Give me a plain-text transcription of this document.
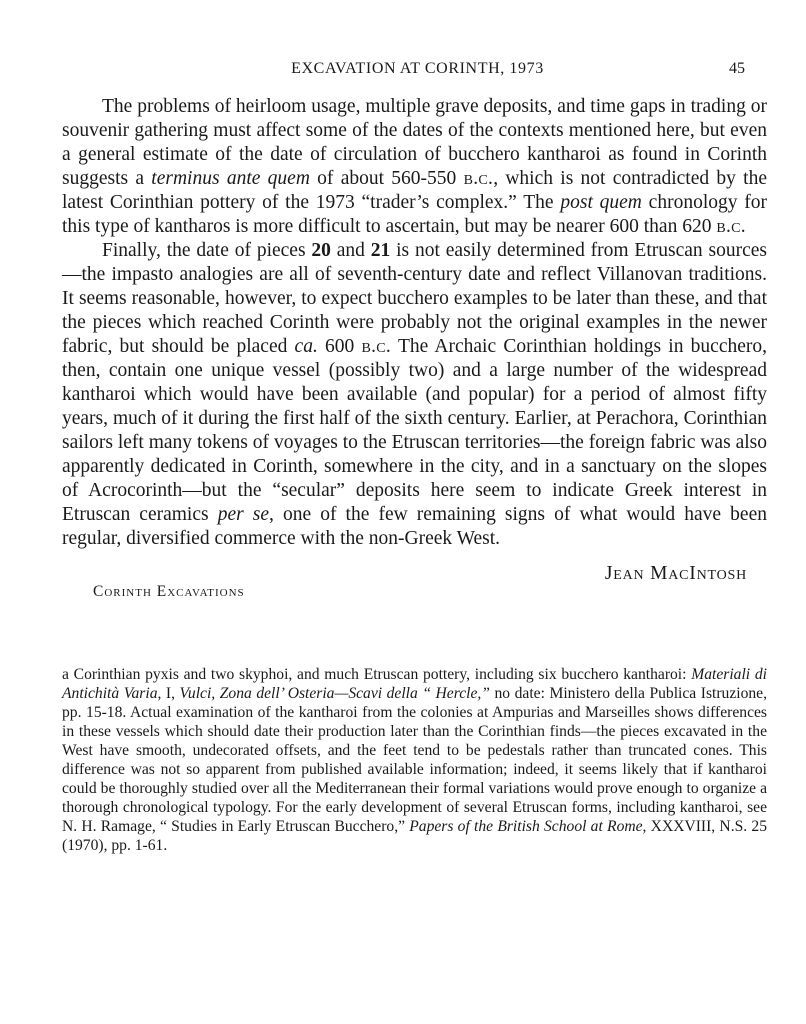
EXCAVATION AT CORINTH, 1973	45

The problems of heirloom usage, multiple grave deposits, and time gaps in trading or souvenir gathering must affect some of the dates of the contexts mentioned here, but even a general estimate of the date of circulation of bucchero kantharoi as found in Corinth suggests a terminus ante quem of about 560-550 b.c., which is not contradicted by the latest Corinthian pottery of the 1973 “trader’s complex.” The post quem chronology for this type of kantharos is more difficult to ascertain, but may be nearer 600 than 620 b.c.

Finally, the date of pieces 20 and 21 is not easily determined from Etruscan sources—the impasto analogies are all of seventh-century date and reflect Villanovan traditions. It seems reasonable, however, to expect bucchero examples to be later than these, and that the pieces which reached Corinth were probably not the original examples in the newer fabric, but should be placed ca. 600 b.c. The Archaic Corinthian holdings in bucchero, then, contain one unique vessel (possibly two) and a large number of the widespread kantharoi which would have been available (and popular) for a period of almost fifty years, much of it during the first half of the sixth century. Earlier, at Perachora, Corinthian sailors left many tokens of voyages to the Etruscan territories—the foreign fabric was also apparently dedicated in Corinth, somewhere in the city, and in a sanctuary on the slopes of Acrocorinth—but the “secular” deposits here seem to indicate Greek interest in Etruscan ceramics per se, one of the few remaining signs of what would have been regular, diversified commerce with the non-Greek West.

Jean MacIntosh
Corinth Excavations

a Corinthian pyxis and two skyphoi, and much Etruscan pottery, including six bucchero kantharoi: Materiali di Antichità Varia, I, Vulci, Zona dell’ Osteria—Scavi della “ Hercle,” no date: Ministero della Publica Istruzione, pp. 15-18. Actual examination of the kantharoi from the colonies at Ampurias and Marseilles shows differences in these vessels which should date their production later than the Corinthian finds—the pieces excavated in the West have smooth, undecorated offsets, and the feet tend to be pedestals rather than truncated cones. This difference was not so apparent from published available information; indeed, it seems likely that if kantharoi could be thoroughly studied over all the Mediterranean their formal variations would prove enough to organize a thorough chronological typology. For the early development of several Etruscan forms, including kantharoi, see N. H. Ramage, “ Studies in Early Etruscan Bucchero,” Papers of the British School at Rome, XXXVIII, N.S. 25 (1970), pp. 1-61.
